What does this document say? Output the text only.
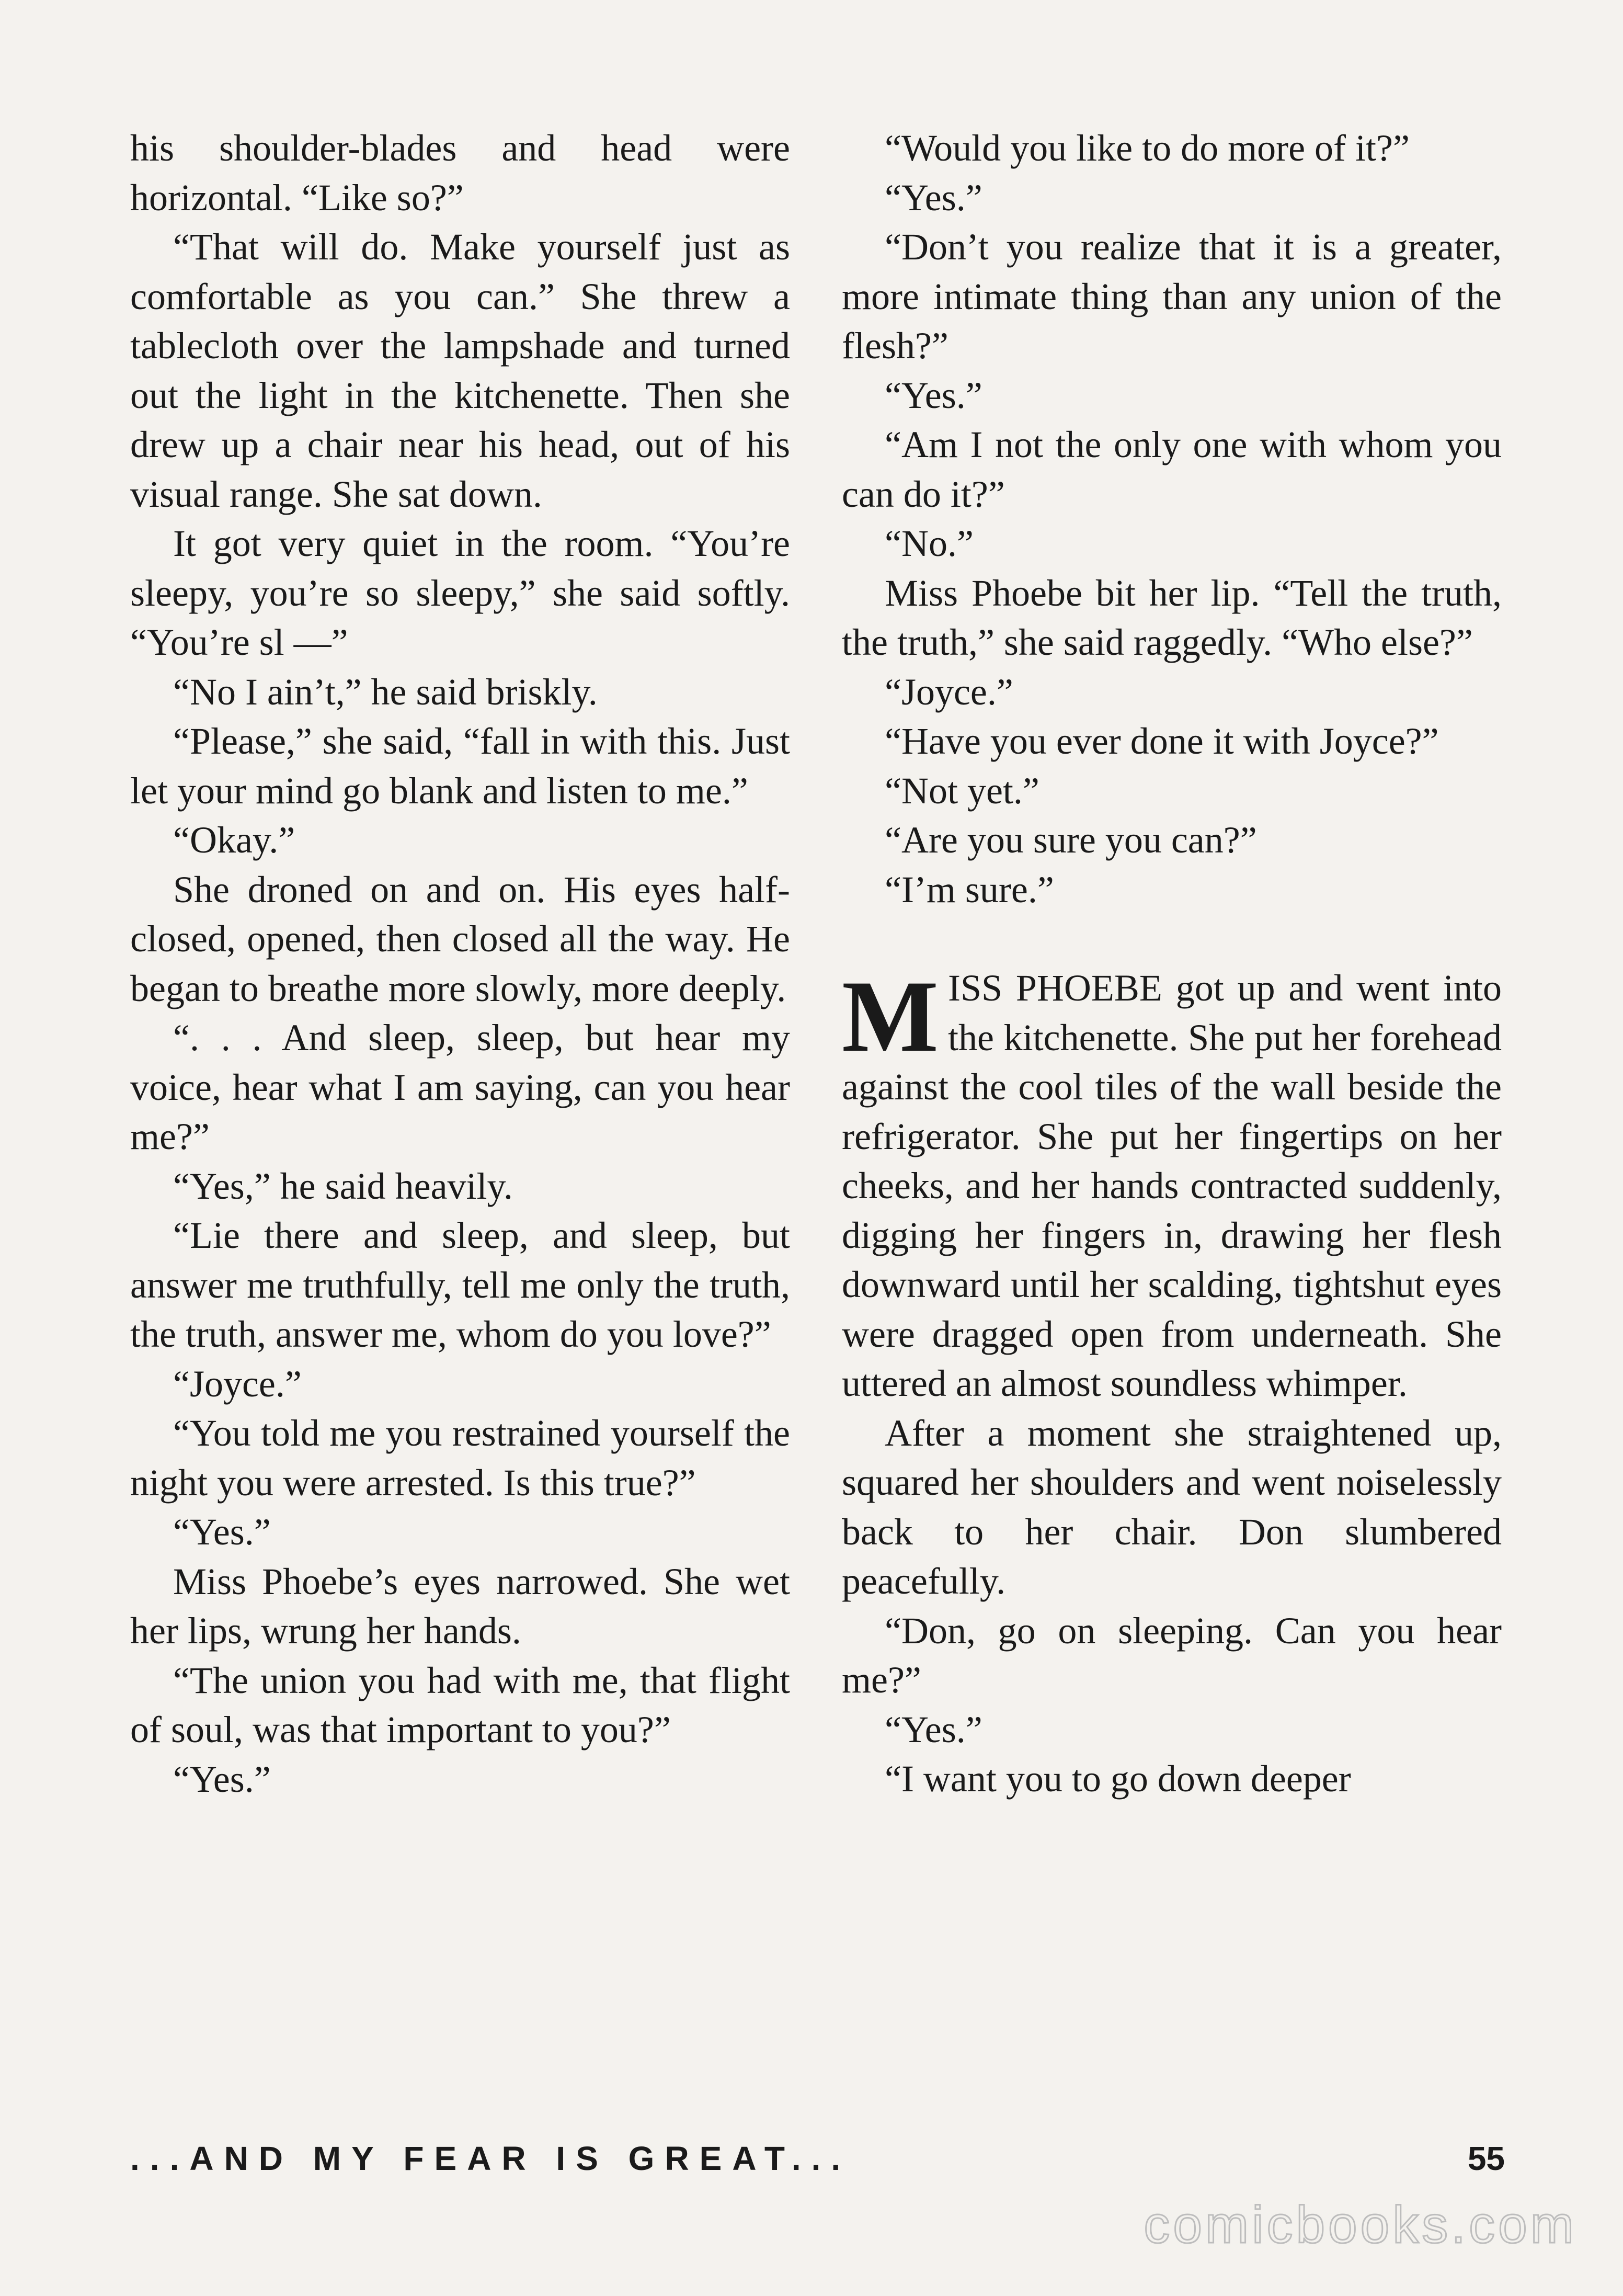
his shoulder-blades and head were horizontal. “Like so?”

“That will do. Make yourself just as comfortable as you can.” She threw a tablecloth over the lampshade and turned out the light in the kitchenette. Then she drew up a chair near his head, out of his visual range. She sat down.

It got very quiet in the room. “You’re sleepy, you’re so sleepy,” she said softly. “You’re sl —”

“No I ain’t,” he said briskly.

“Please,” she said, “fall in with this. Just let your mind go blank and listen to me.”

“Okay.”

She droned on and on. His eyes half-closed, opened, then closed all the way. He began to breathe more slowly, more deeply.

“. . . And sleep, sleep, but hear my voice, hear what I am saying, can you hear me?”

“Yes,” he said heavily.

“Lie there and sleep, and sleep, but answer me truthfully, tell me only the truth, the truth, answer me, whom do you love?”

“Joyce.”

“You told me you restrained yourself the night you were arrested. Is this true?”

“Yes.”

Miss Phoebe’s eyes narrowed. She wet her lips, wrung her hands.

“The union you had with me, that flight of soul, was that important to you?”

“Yes.”

“Would you like to do more of it?”

“Yes.”

“Don’t you realize that it is a greater, more intimate thing than any union of the flesh?”

“Yes.”

“Am I not the only one with whom you can do it?”

“No.”

Miss Phoebe bit her lip. “Tell the truth, the truth,” she said raggedly. “Who else?”

“Joyce.”

“Have you ever done it with Joyce?”

“Not yet.”

“Are you sure you can?”

“I’m sure.”

MISS PHOEBE got up and went into the kitchenette. She put her forehead against the cool tiles of the wall beside the refrigerator. She put her fingertips on her cheeks, and her hands contracted suddenly, digging her fingers in, drawing her flesh downward until her scalding, tightshut eyes were dragged open from underneath. She uttered an almost soundless whimper.

After a moment she straightened up, squared her shoulders and went noiselessly back to her chair. Don slumbered peacefully.

“Don, go on sleeping. Can you hear me?”

“Yes.”

“I want you to go down deeper

...AND MY FEAR IS GREAT...	55
comicbooks.com
